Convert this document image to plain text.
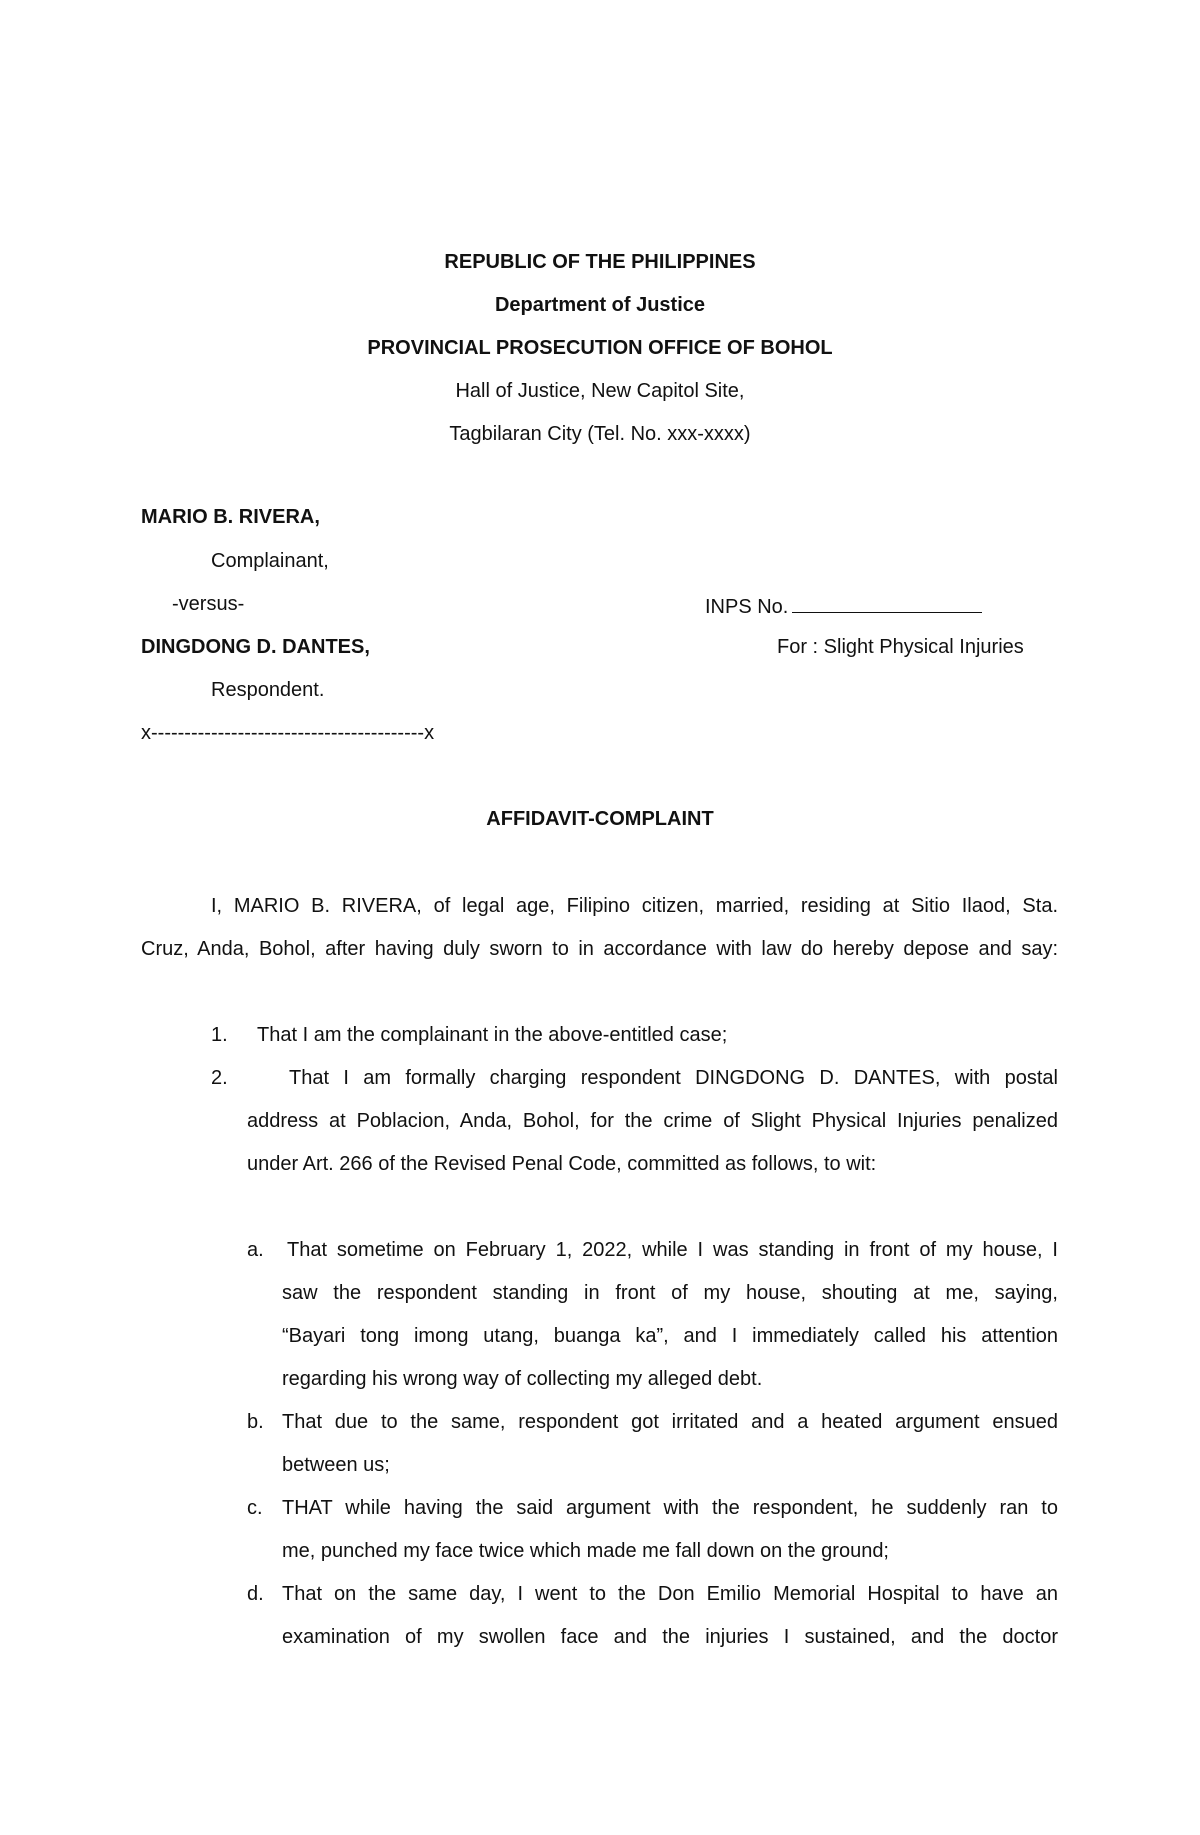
REPUBLIC OF THE PHILIPPINES
Department of Justice
PROVINCIAL PROSECUTION OFFICE OF BOHOL
Hall of Justice, New Capitol Site,
Tagbilaran City (Tel. No. xxx-xxxx)
MARIO B. RIVERA,
Complainant,
-versus-	INPS No.
DINGDONG D. DANTES,	For : Slight Physical Injuries
Respondent.
x-----------------------------------------x
AFFIDAVIT-COMPLAINT
I, MARIO B. RIVERA, of legal age, Filipino citizen, married, residing at Sitio Ilaod, Sta.
Cruz, Anda, Bohol, after having duly sworn to in accordance with law do hereby depose and say:
1. That I am the complainant in the above-entitled case;
2.	That I am formally charging respondent DINGDONG D. DANTES, with postal
address at Poblacion, Anda, Bohol, for the crime of Slight Physical Injuries penalized
under Art. 266 of the Revised Penal Code, committed as follows, to wit:
a. That sometime on February 1, 2022, while I was standing in front of my house, I
saw the respondent standing in front of my house, shouting at me, saying,
“Bayari tong imong utang, buanga ka”, and I immediately called his attention
regarding his wrong way of collecting my alleged debt.
b. That due to the same, respondent got irritated and a heated argument ensued
between us;
c. THAT while having the said argument with the respondent, he suddenly ran to
me, punched my face twice which made me fall down on the ground;
d. That on the same day, I went to the Don Emilio Memorial Hospital to have an
examination of my swollen face and the injuries I sustained, and the doctor
